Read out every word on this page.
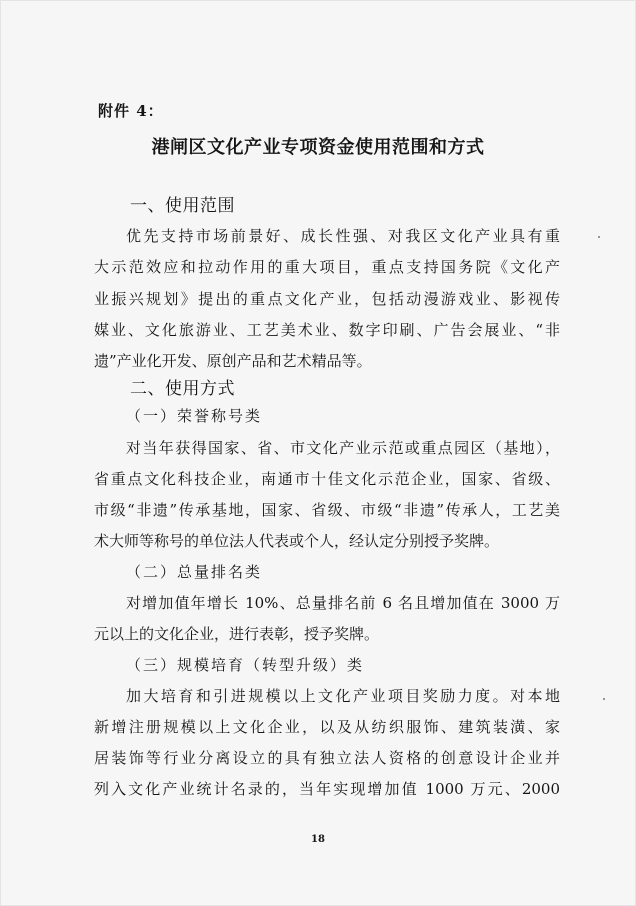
附件 4：
港闸区文化产业专项资金使用范围和方式
一、使用范围
优先支持市场前景好、成长性强、对我区文化产业具有重
大示范效应和拉动作用的重大项目，重点支持国务院《文化产
业振兴规划》提出的重点文化产业，包括动漫游戏业、影视传
媒业、文化旅游业、工艺美术业、数字印刷、广告会展业、“非
遗”产业化开发、原创产品和艺术精品等。
二、使用方式
（一）荣誉称号类
对当年获得国家、省、市文化产业示范或重点园区（基地），
省重点文化科技企业，南通市十佳文化示范企业，国家、省级、
市级“非遗”传承基地，国家、省级、市级“非遗”传承人，工艺美
术大师等称号的单位法人代表或个人，经认定分别授予奖牌。
（二）总量排名类
对增加值年增长 10%、总量排名前 6 名且增加值在 3000 万
元以上的文化企业，进行表彰，授予奖牌。
（三）规模培育（转型升级）类
加大培育和引进规模以上文化产业项目奖励力度。对本地
新增注册规模以上文化企业，以及从纺织服饰、建筑装潢、家
居装饰等行业分离设立的具有独立法人资格的创意设计企业并
列入文化产业统计名录的，当年实现增加值 1000 万元、2000
18
